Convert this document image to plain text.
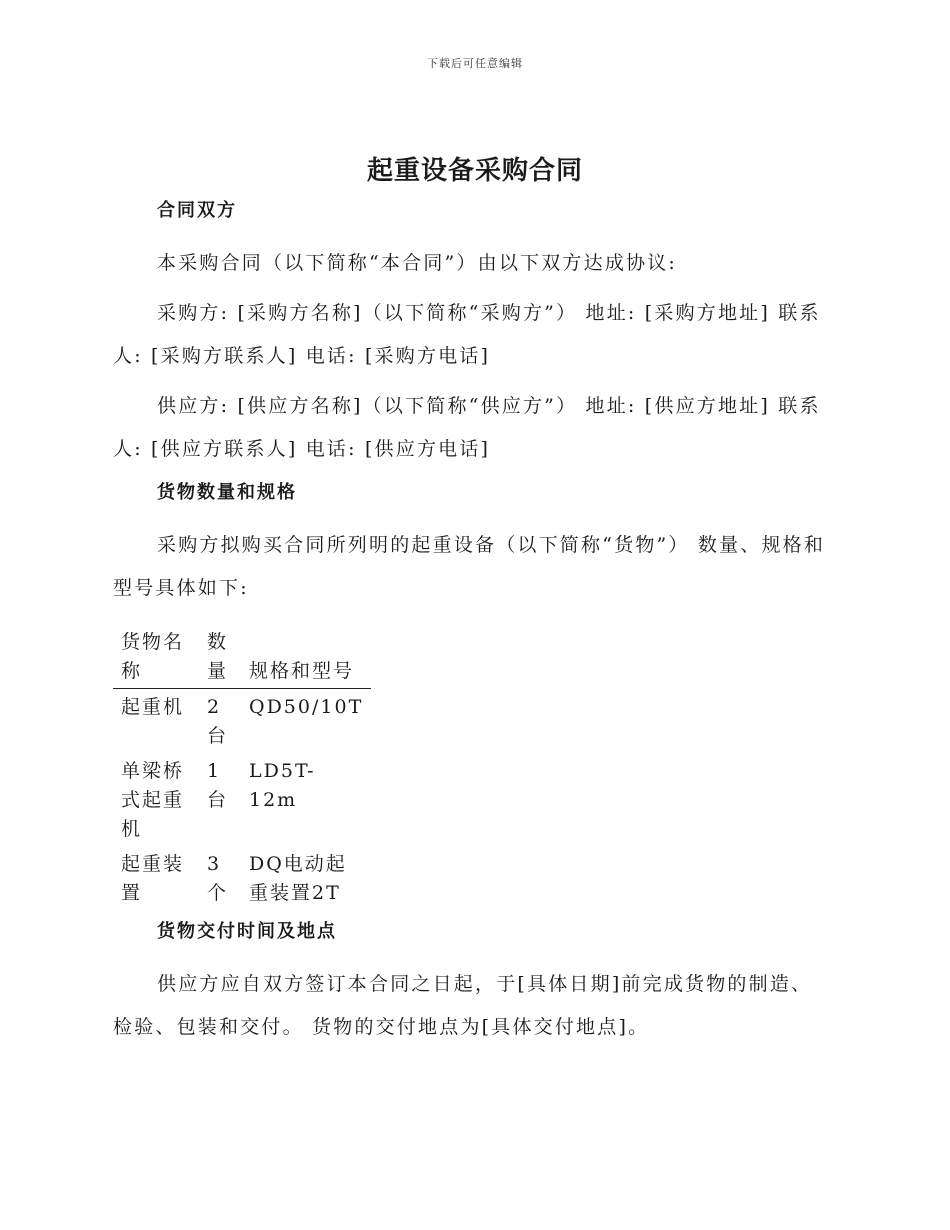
下载后可任意编辑
起重设备采购合同
合同双方

本采购合同（以下简称“本合同”）由以下双方达成协议:

采购方: [采购方名称]（以下简称“采购方”） 地址: [采购方地址] 联系人: [采购方联系人] 电话: [采购方电话]

供应方: [供应方名称]（以下简称“供应方”） 地址: [供应方地址] 联系人: [供应方联系人] 电话: [供应方电话]

货物数量和规格

采购方拟购买合同所列明的起重设备（以下简称“货物”） 数量、规格和型号具体如下:

货物名称	数量	规格和型号
起重机	2台	QD50/10T
单梁桥式起重机	1台	LD5T-12m
起重装置	3个	DQ电动起重装置2T
货物交付时间及地点

供应方应自双方签订本合同之日起，于[具体日期]前完成货物的制造、检验、包装和交付。 货物的交付地点为[具体交付地点]。
